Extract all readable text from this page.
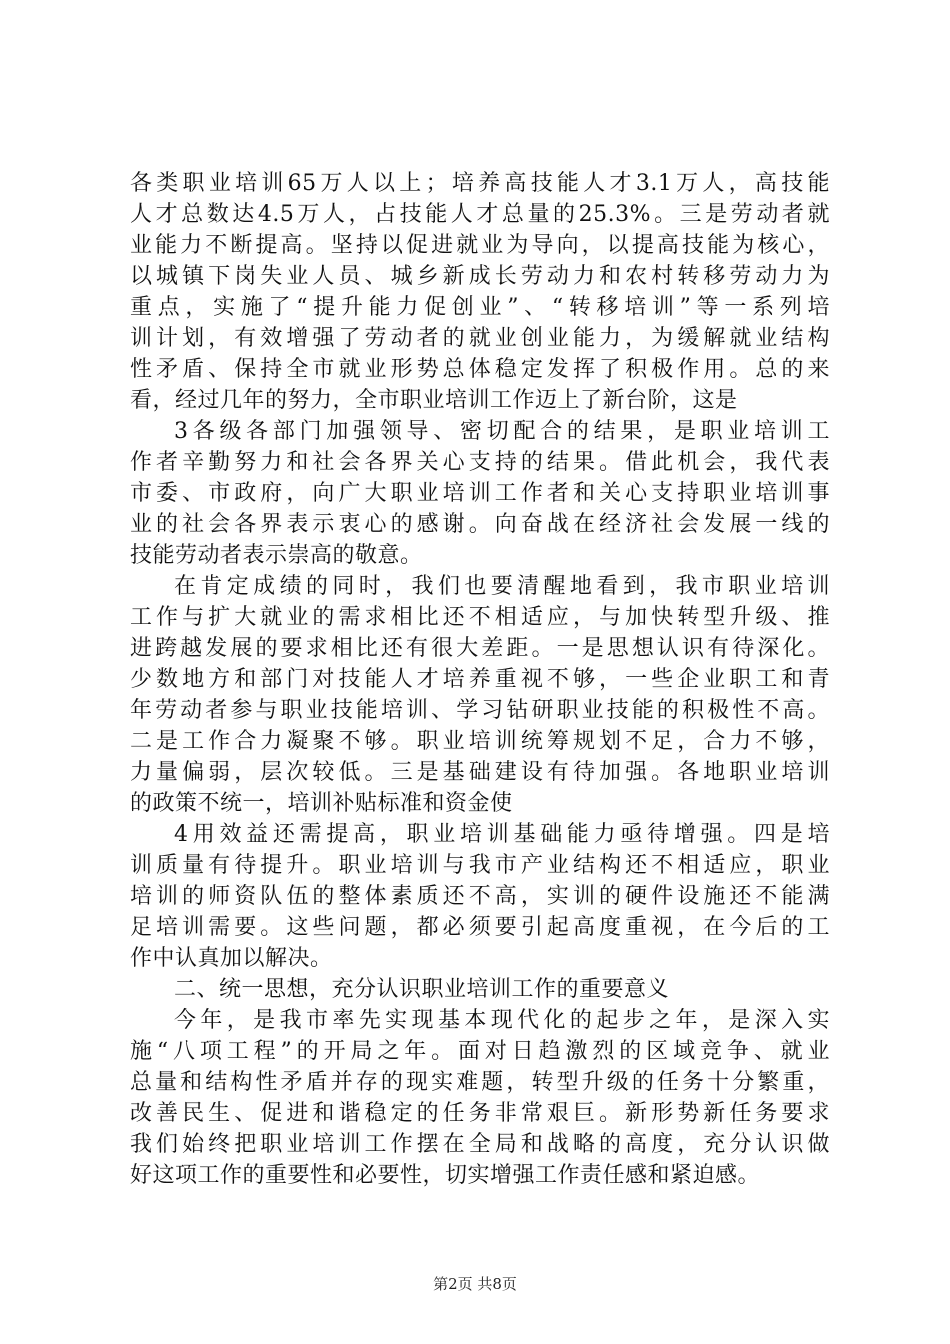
各类职业培训65万人以上；培养高技能人才3.1万人，高技能
人才总数达4.5万人，占技能人才总量的25.3%。三是劳动者就
业能力不断提高。坚持以促进就业为导向，以提高技能为核心，
以城镇下岗失业人员、城乡新成长劳动力和农村转移劳动力为
重点，实施了“提升能力促创业”、“转移培训”等一系列培
训计划，有效增强了劳动者的就业创业能力，为缓解就业结构
性矛盾、保持全市就业形势总体稳定发挥了积极作用。总的来
看，经过几年的努力，全市职业培训工作迈上了新台阶，这是
3各级各部门加强领导、密切配合的结果，是职业培训工
作者辛勤努力和社会各界关心支持的结果。借此机会，我代表
市委、市政府，向广大职业培训工作者和关心支持职业培训事
业的社会各界表示衷心的感谢。向奋战在经济社会发展一线的
技能劳动者表示崇高的敬意。
在肯定成绩的同时，我们也要清醒地看到，我市职业培训
工作与扩大就业的需求相比还不相适应，与加快转型升级、推
进跨越发展的要求相比还有很大差距。一是思想认识有待深化。
少数地方和部门对技能人才培养重视不够，一些企业职工和青
年劳动者参与职业技能培训、学习钻研职业技能的积极性不高。
二是工作合力凝聚不够。职业培训统筹规划不足，合力不够，
力量偏弱，层次较低。三是基础建设有待加强。各地职业培训
的政策不统一，培训补贴标准和资金使
4用效益还需提高，职业培训基础能力亟待增强。四是培
训质量有待提升。职业培训与我市产业结构还不相适应，职业
培训的师资队伍的整体素质还不高，实训的硬件设施还不能满
足培训需要。这些问题，都必须要引起高度重视，在今后的工
作中认真加以解决。
二、统一思想，充分认识职业培训工作的重要意义
今年，是我市率先实现基本现代化的起步之年，是深入实
施“八项工程”的开局之年。面对日趋激烈的区域竞争、就业
总量和结构性矛盾并存的现实难题，转型升级的任务十分繁重，
改善民生、促进和谐稳定的任务非常艰巨。新形势新任务要求
我们始终把职业培训工作摆在全局和战略的高度，充分认识做
好这项工作的重要性和必要性，切实增强工作责任感和紧迫感。
第2页 共8页
